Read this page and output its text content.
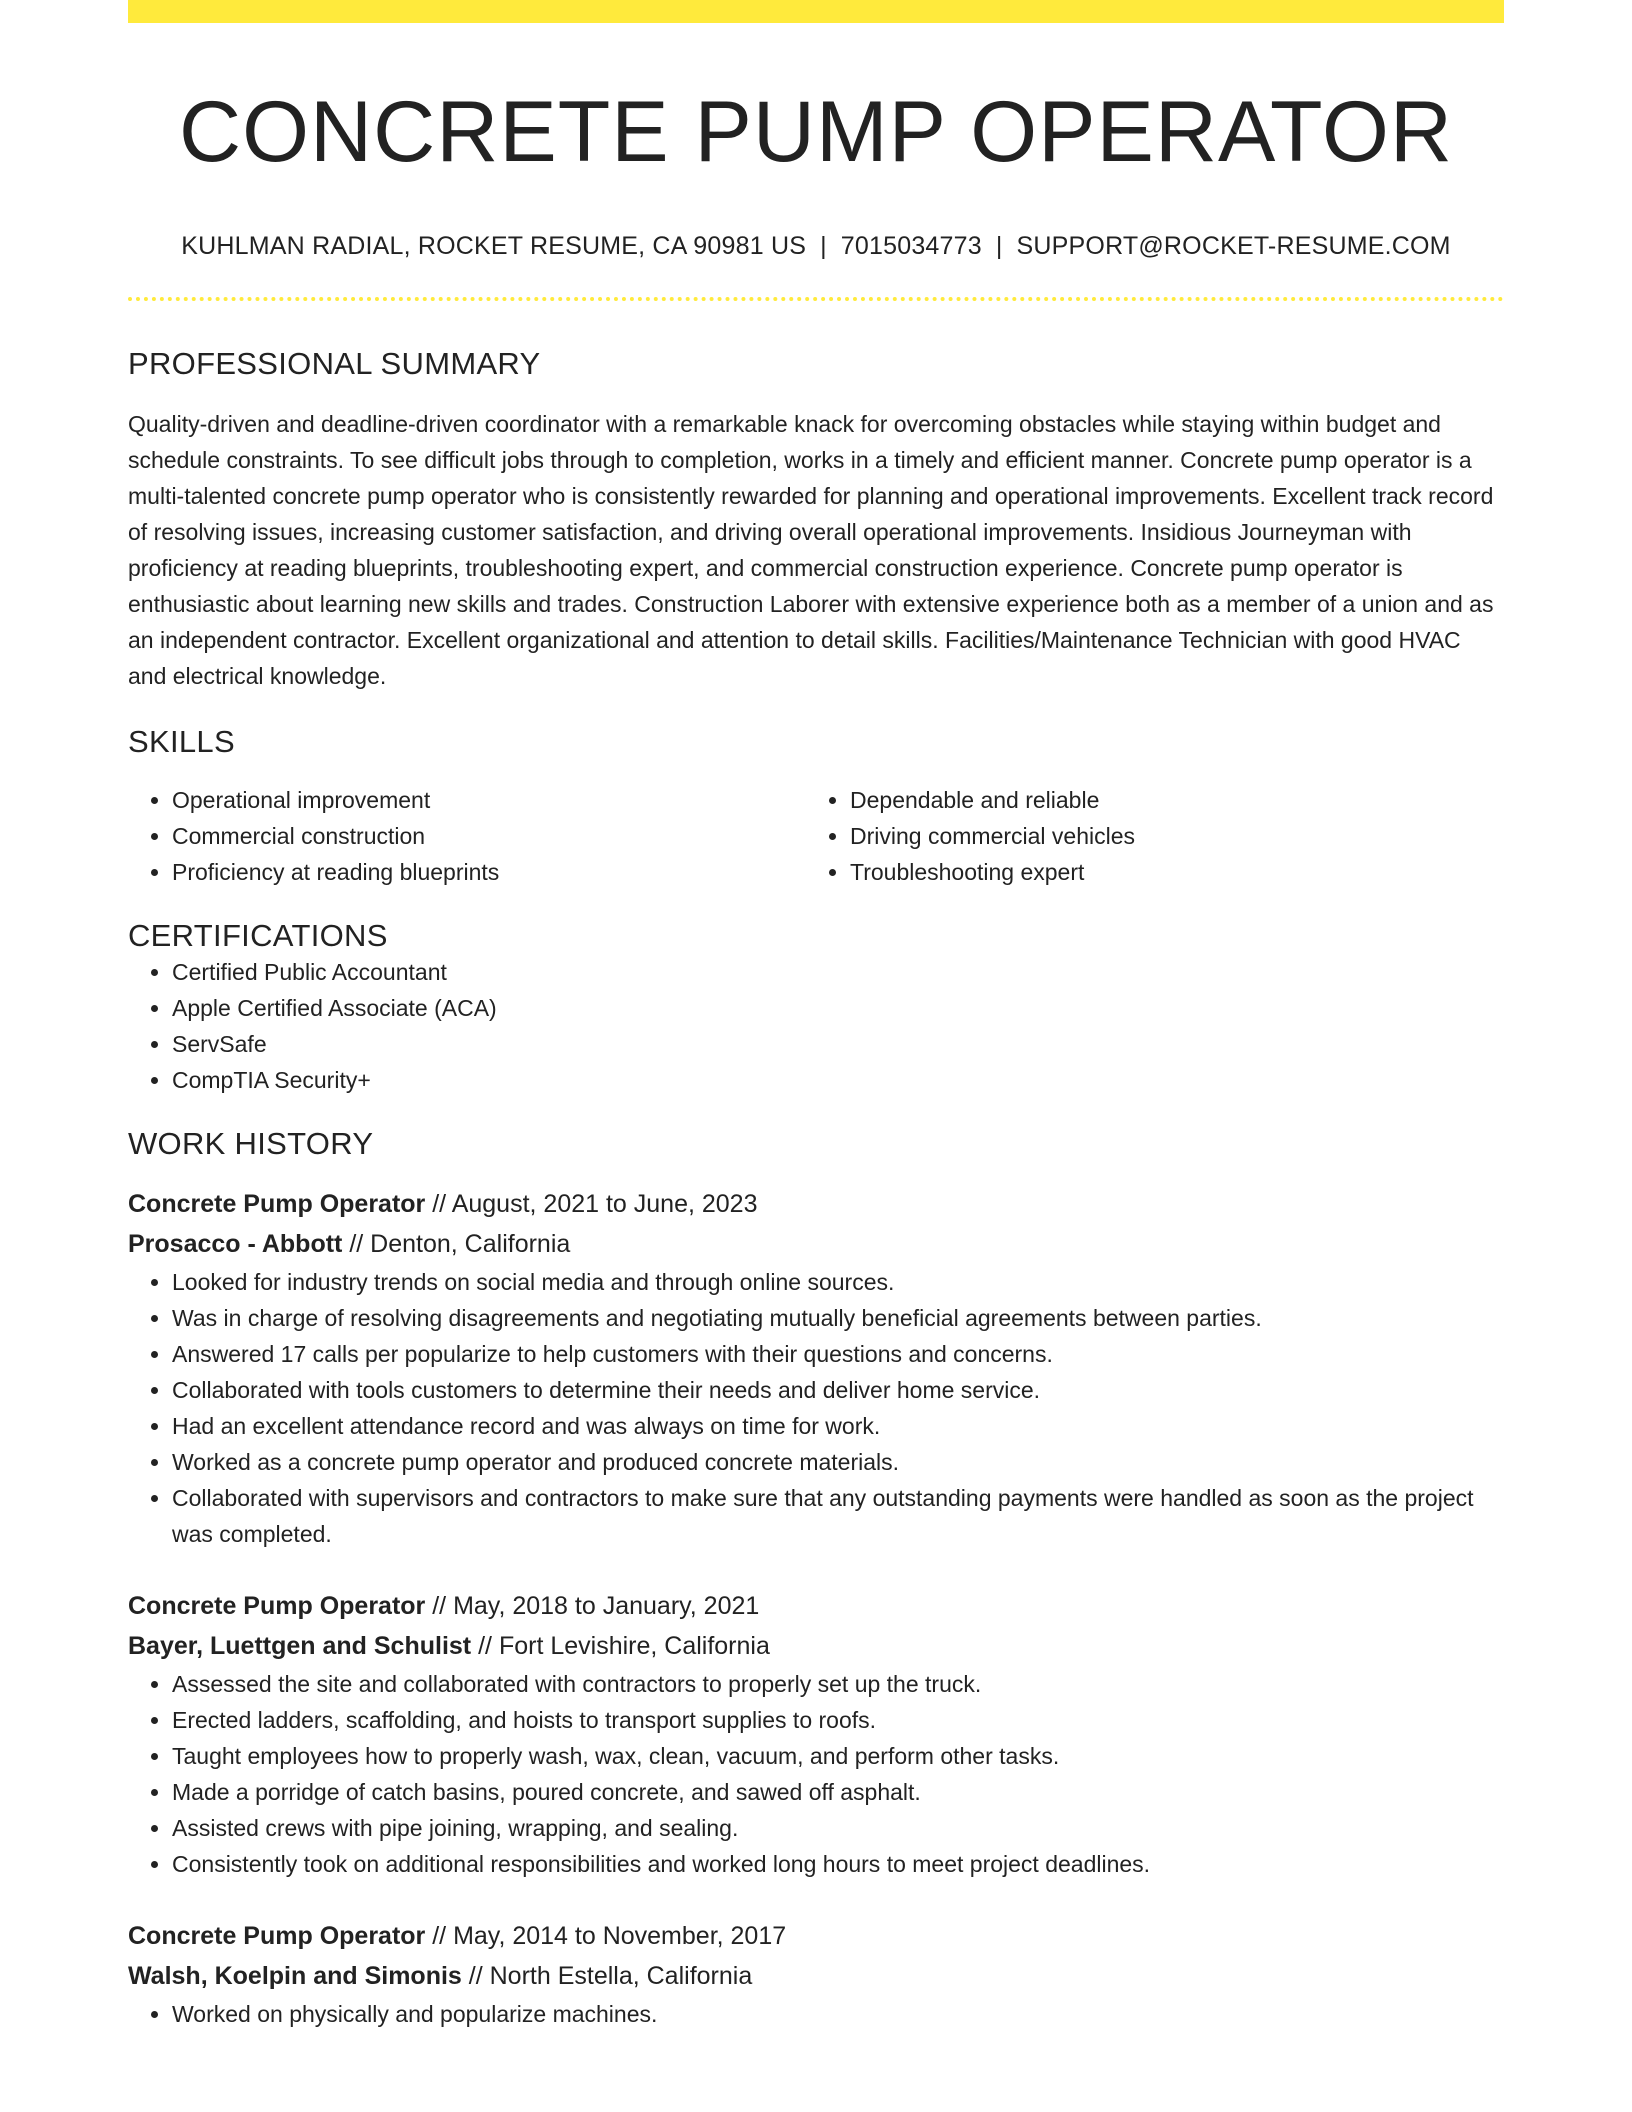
CONCRETE PUMP OPERATOR
KUHLMAN RADIAL, ROCKET RESUME, CA 90981 US | 7015034773 | SUPPORT@ROCKET-RESUME.COM
PROFESSIONAL SUMMARY
Quality-driven and deadline-driven coordinator with a remarkable knack for overcoming obstacles while staying within budget and schedule constraints. To see difficult jobs through to completion, works in a timely and efficient manner. Concrete pump operator is a multi-talented concrete pump operator who is consistently rewarded for planning and operational improvements. Excellent track record of resolving issues, increasing customer satisfaction, and driving overall operational improvements. Insidious Journeyman with proficiency at reading blueprints, troubleshooting expert, and commercial construction experience. Concrete pump operator is enthusiastic about learning new skills and trades. Construction Laborer with extensive experience both as a member of a union and as an independent contractor. Excellent organizational and attention to detail skills. Facilities/Maintenance Technician with good HVAC and electrical knowledge.
SKILLS
• Operational improvement
• Commercial construction
• Proficiency at reading blueprints
• Dependable and reliable
• Driving commercial vehicles
• Troubleshooting expert
CERTIFICATIONS
• Certified Public Accountant
• Apple Certified Associate (ACA)
• ServSafe
• CompTIA Security+
WORK HISTORY
Concrete Pump Operator // August, 2021 to June, 2023
Prosacco - Abbott // Denton, California
• Looked for industry trends on social media and through online sources.
• Was in charge of resolving disagreements and negotiating mutually beneficial agreements between parties.
• Answered 17 calls per popularize to help customers with their questions and concerns.
• Collaborated with tools customers to determine their needs and deliver home service.
• Had an excellent attendance record and was always on time for work.
• Worked as a concrete pump operator and produced concrete materials.
• Collaborated with supervisors and contractors to make sure that any outstanding payments were handled as soon as the project was completed.
Concrete Pump Operator // May, 2018 to January, 2021
Bayer, Luettgen and Schulist // Fort Levishire, California
• Assessed the site and collaborated with contractors to properly set up the truck.
• Erected ladders, scaffolding, and hoists to transport supplies to roofs.
• Taught employees how to properly wash, wax, clean, vacuum, and perform other tasks.
• Made a porridge of catch basins, poured concrete, and sawed off asphalt.
• Assisted crews with pipe joining, wrapping, and sealing.
• Consistently took on additional responsibilities and worked long hours to meet project deadlines.
Concrete Pump Operator // May, 2014 to November, 2017
Walsh, Koelpin and Simonis // North Estella, California
• Worked on physically and popularize machines.
